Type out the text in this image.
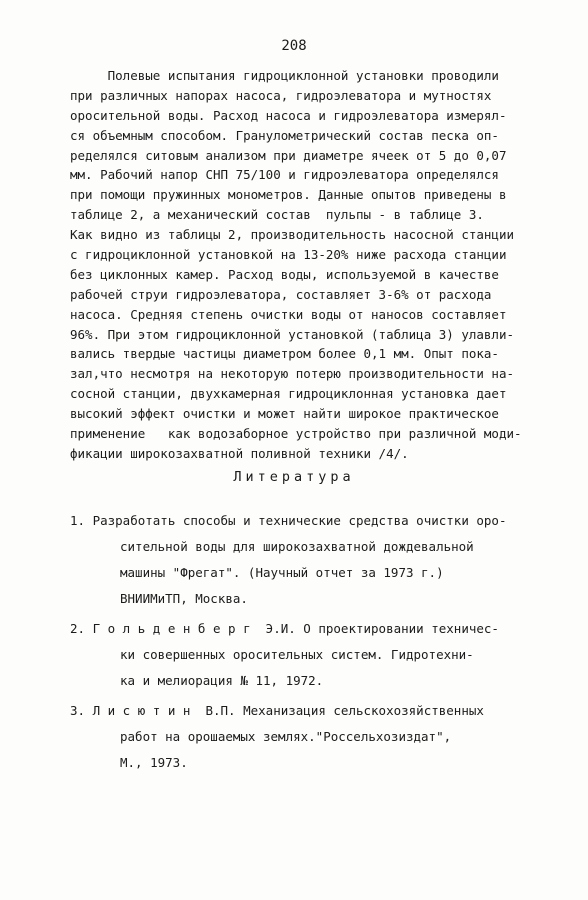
208
Полевые испытания гидроциклонной установки проводили
при различных напорах насоса, гидроэлеватора и мутностях
оросительной воды. Расход насоса и гидроэлеватора измерял-
ся объемным способом. Гранулометрический состав песка оп-
ределялся ситовым анализом при диаметре ячеек от 5 до 0,07
мм. Рабочий напор СНП 75/100 и гидроэлеватора определялся
при помощи пружинных монометров. Данные опытов приведены в
таблице 2, а механический состав  пульпы - в таблице 3.
Как видно из таблицы 2, производительность насосной станции
с гидроциклонной установкой на 13-20% ниже расхода станции
без циклонных камер. Расход воды, используемой в качестве
рабочей струи гидроэлеватора, составляет 3-6% от расхода
насоса. Средняя степень очистки воды от наносов составляет
96%. При этом гидроциклонной установкой (таблица 3) улавли-
вались твердые частицы диаметром более 0,1 мм. Опыт пока-
зал,что несмотря на некоторую потерю производительности на-
сосной станции, двухкамерная гидроциклонная установка дает
высокий эффект очистки и может найти широкое практическое
применение   как водозаборное устройство при различной моди-
фикации широкозахватной поливной техники /4/.
Литература
1. Разработать способы и технические средства очистки оро-
сительной воды для широкозахватной дождевальной
машины "Фрегат". (Научный отчет за 1973 г.)
ВНИИМиТП, Москва.
2. Г о л ь д е н б е р г  Э.И. О проектировании техничес-
ки совершенных оросительных систем. Гидротехни-
ка и мелиорация № 11, 1972.
3. Л и с ю т и н  В.П. Механизация сельскохозяйственных
работ на орошаемых землях."Россельхозиздат",
М., 1973.
